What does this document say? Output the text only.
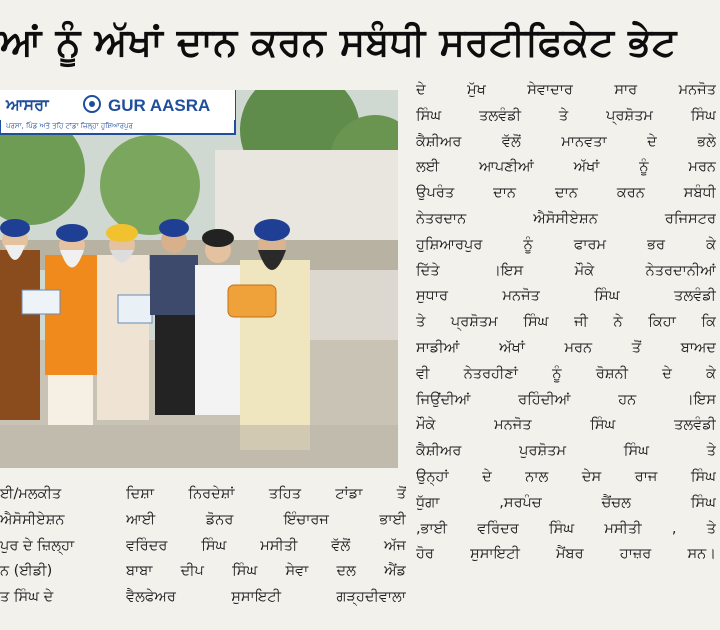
ਆਂ ਨੂੰ ਅੱਖਾਂ ਦਾਨ ਕਰਨ ਸਬੰਧੀ ਸਰਟੀਫਿਕੇਟ ਭੇਟ
ਆਸਰਾ	GUR AASRA
ਪਰਸਾ, ਪਿੰਡ ਅਤੇ ਤਹਿ ਟਾਂਡਾ ਜ਼ਿਲ੍ਹਾ ਹੁਸ਼ਿਆਰਪੁਰ
ਦੇ ਮੁੱਖ ਸੇਵਾਦਾਰ ਸਾਰ ਮਨਜੋਤ
ਸਿੰਘ ਤਲਵੰਡੀ ਤੇ ਪ੍ਰਸ਼ੋਤਮ ਸਿੰਘ
ਕੈਸ਼ੀਅਰ ਵੱਲੋਂ ਮਾਨਵਤਾ ਦੇ ਭਲੇ
ਲਈ ਆਪਣੀਆਂ ਅੱਖਾਂ ਨੂੰ ਮਰਨ
ਉਪਰੰਤ ਦਾਨ ਦਾਨ ਕਰਨ ਸਬੰਧੀ
ਨੇਤਰਦਾਨ ਐਸੋਸੀਏਸ਼ਨ ਰਜਿਸਟਰ
ਹੁਸ਼ਿਆਰਪੁਰ ਨੂੰ ਫਾਰਮ ਭਰ ਕੇ
ਦਿੱਤੇ ।ਇਸ ਮੌਕੇ ਨੇਤਰਦਾਨੀਆਂ
ਸੁਧਾਰ ਮਨਜੋਤ ਸਿੰਘ ਤਲਵੰਡੀ
ਤੇ ਪ੍ਰਸ਼ੋਤਮ ਸਿੰਘ ਜੀ ਨੇ ਕਿਹਾ ਕਿ
ਸਾਡੀਆਂ ਅੱਖਾਂ ਮਰਨ ਤੋਂ ਬਾਅਦ
ਵੀ ਨੇਤਰਹੀਣਾਂ ਨੂੰ ਰੋਸ਼ਨੀ ਦੇ ਕੇ
ਜਿਉਂਦੀਆਂ ਰਹਿੰਦੀਆਂ ਹਨ ।ਇਸ
ਮੌਕੇ ਮਨਜੋਤ ਸਿੰਘ ਤਲਵੰਡੀ
ਕੈਸ਼ੀਅਰ ਪੁਰਸ਼ੋਤਮ ਸਿੰਘ ਤੇ
ਉਨ੍ਹਾਂ ਦੇ ਨਾਲ ਦੇਸ ਰਾਜ ਸਿੰਘ
ਧੁੱਗਾ ,ਸਰਪੰਚ ਚੈਂਚਲ ਸਿੰਘ
,ਭਾਈ ਵਰਿੰਦਰ ਸਿੰਘ ਮਸੀਤੀ , ਤੇ
ਹੋਰ ਸੁਸਾਇਟੀ ਮੈਂਬਰ ਹਾਜ਼ਰ ਸਨ।
ਈ/ਮਲਕੀਤ
ਐਸੋਸੀਏਸ਼ਨ
ਪੁਰ ਦੇ ਜ਼ਿਲ੍ਹਾ
ਨ (ਈਡੀ)
ਤ ਸਿੰਘ ਦੇ
ਦਿਸ਼ਾ ਨਿਰਦੇਸ਼ਾਂ ਤਹਿਤ ਟਾਂਡਾ ਤੋਂ
ਆਈ ਡੋਨਰ ਇੰਚਾਰਜ ਭਾਈ
ਵਰਿੰਦਰ ਸਿੰਘ ਮਸੀਤੀ ਵੱਲੋਂ ਅੱਜ
ਬਾਬਾ ਦੀਪ ਸਿੰਘ ਸੇਵਾ ਦਲ ਐਂਡ
ਵੈਲਫੇਅਰ ਸੁਸਾਇਟੀ ਗੜ੍ਹਦੀਵਾਲਾ
